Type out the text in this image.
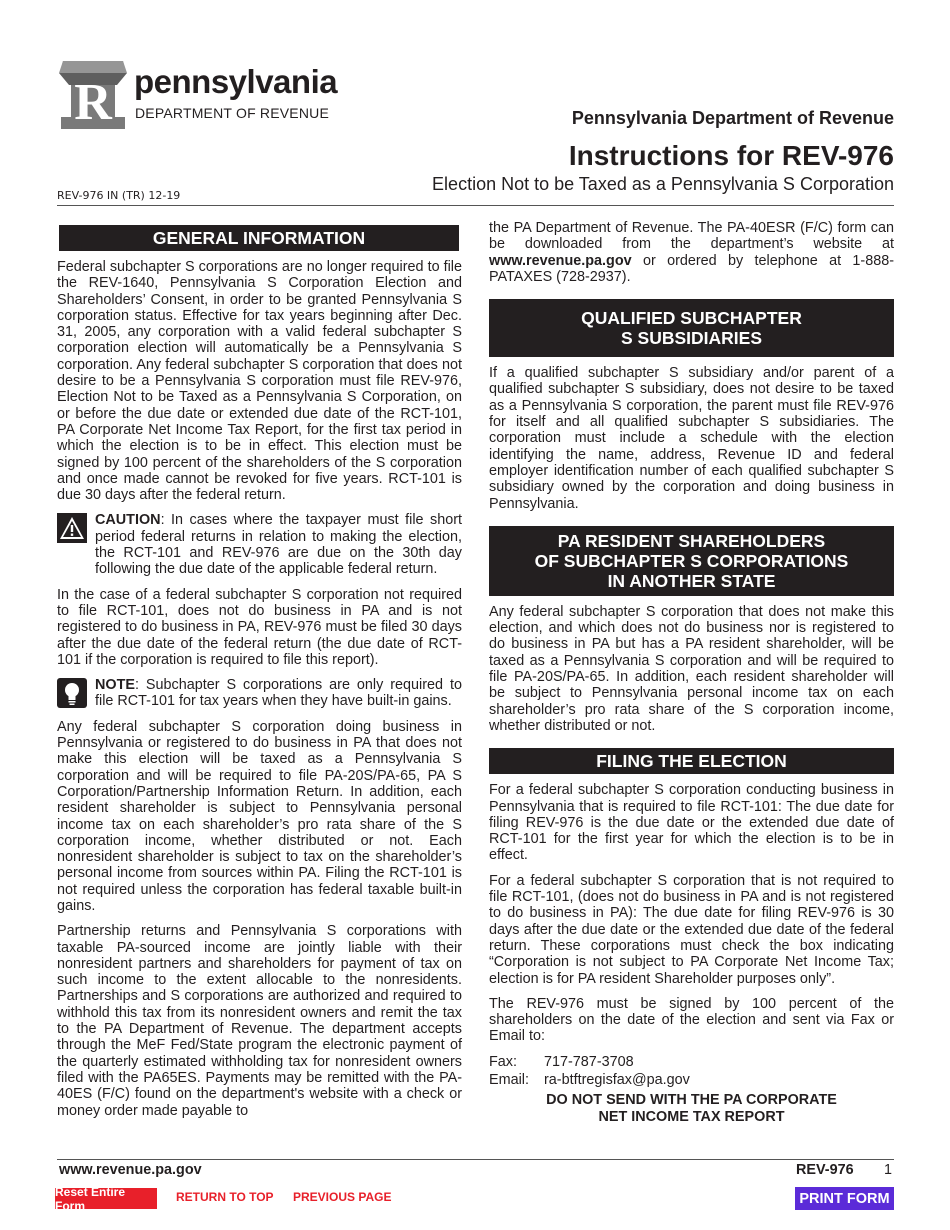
R pennsylvania
DEPARTMENT OF REVENUE	Pennsylvania Department of Revenue
Instructions for REV-976
Election Not to be Taxed as a Pennsylvania S Corporation
REV-976 IN (TR) 12-19
GENERAL INFORMATION

Federal subchapter S corporations are no longer required to file the REV-1640, Pennsylvania S Corporation Election and Shareholders’ Consent, in order to be granted Pennsylvania S corporation status. Effective for tax years beginning after Dec. 31, 2005, any corporation with a valid federal subchapter S corporation election will automatically be a Pennsylvania S corporation. Any federal subchapter S corporation that does not desire to be a Pennsylvania S corporation must file REV-976, Election Not to be Taxed as a Pennsylvania S Corporation, on or before the due date or extended due date of the RCT-101, PA Corporate Net Income Tax Report, for the first tax period in which the election is to be in effect. This election must be signed by 100 percent of the shareholders of the S corporation and once made cannot be revoked for five years. RCT-101 is due 30 days after the federal return.

CAUTION: In cases where the taxpayer must file short period federal returns in relation to making the election, the RCT-101 and REV-976 are due on the 30th day following the due date of the applicable federal return.

In the case of a federal subchapter S corporation not required to file RCT-101, does not do business in PA and is not registered to do business in PA, REV-976 must be filed 30 days after the due date of the federal return (the due date of RCT-101 if the corporation is required to file this report).

NOTE: Subchapter S corporations are only required to file RCT-101 for tax years when they have built-in gains.

Any federal subchapter S corporation doing business in Pennsylvania or registered to do business in PA that does not make this election will be taxed as a Pennsylvania S corporation and will be required to file PA-20S/PA-65, PA S Corporation/Partnership Information Return. In addition, each resident shareholder is subject to Pennsylvania personal income tax on each shareholder’s pro rata share of the S corporation income, whether distributed or not. Each nonresident shareholder is subject to tax on the shareholder’s personal income from sources within PA. Filing the RCT-101 is not required unless the corporation has federal taxable built-in gains.

Partnership returns and Pennsylvania S corporations with taxable PA-sourced income are jointly liable with their nonresident partners and shareholders for payment of tax on such income to the extent allocable to the nonresidents. Partnerships and S corporations are authorized and required to withhold this tax from its nonresident owners and remit the tax to the PA Department of Revenue. The department accepts through the MeF Fed/State program the electronic payment of the quarterly estimated withholding tax for nonresident owners filed with the PA65ES. Payments may be remitted with the PA-40ES (F/C) found on the department's website with a check or money order made payable to

the PA Department of Revenue. The PA-40ESR (F/C) form can be downloaded from the department’s website at www.revenue.pa.gov or ordered by telephone at 1-888-PATAXES (728-2937).

QUALIFIED SUBCHAPTER
S SUBSIDIARIES

If a qualified subchapter S subsidiary and/or parent of a qualified subchapter S subsidiary, does not desire to be taxed as a Pennsylvania S corporation, the parent must file REV-976 for itself and all qualified subchapter S subsidiaries. The corporation must include a schedule with the election identifying the name, address, Revenue ID and federal employer identification number of each qualified subchapter S subsidiary owned by the corporation and doing business in Pennsylvania.

PA RESIDENT SHAREHOLDERS
OF SUBCHAPTER S CORPORATIONS
IN ANOTHER STATE

Any federal subchapter S corporation that does not make this election, and which does not do business nor is registered to do business in PA but has a PA resident shareholder, will be taxed as a Pennsylvania S corporation and will be required to file PA-20S/PA-65. In addition, each resident shareholder will be subject to Pennsylvania personal income tax on each shareholder’s pro rata share of the S corporation income, whether distributed or not.

FILING THE ELECTION

For a federal subchapter S corporation conducting business in Pennsylvania that is required to file RCT-101: The due date for filing REV-976 is the due date or the extended due date of RCT-101 for the first year for which the election is to be in effect.

For a federal subchapter S corporation that is not required to file RCT-101, (does not do business in PA and is not registered to do business in PA): The due date for filing REV-976 is 30 days after the due date or the extended due date of the federal return. These corporations must check the box indicating “Corporation is not subject to PA Corporate Net Income Tax; election is for PA resident Shareholder purposes only”.

The REV-976 must be signed by 100 percent of the shareholders on the date of the election and sent via Fax or Email to:

Fax: 717-787-3708
Email: ra-btftregisfax@pa.gov
DO NOT SEND WITH THE PA CORPORATE
NET INCOME TAX REPORT
www.revenue.pa.gov	REV-976 1
Reset Entire Form
RETURN TO TOP PREVIOUS PAGE	PRINT FORM
